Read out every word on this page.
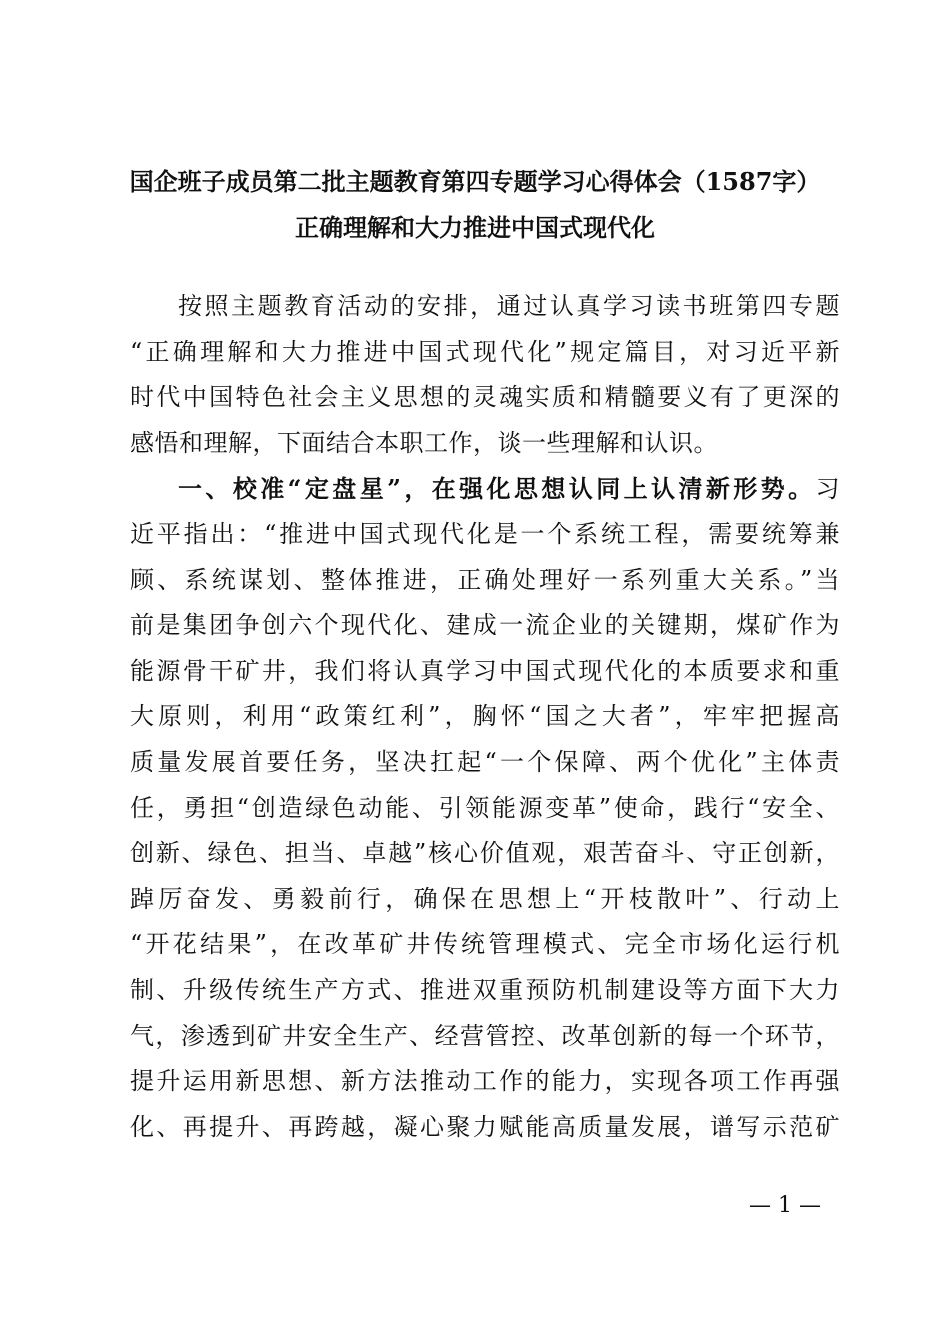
国企班子成员第二批主题教育第四专题学习心得体会（1587字）
正确理解和大力推进中国式现代化
按照主题教育活动的安排，通过认真学习读书班第四专题
“正确理解和大力推进中国式现代化”规定篇目，对习近平新
时代中国特色社会主义思想的灵魂实质和精髓要义有了更深的
感悟和理解，下面结合本职工作，谈一些理解和认识。
一、校准“定盘星”，在强化思想认同上认清新形势。习
近平指出：“推进中国式现代化是一个系统工程，需要统筹兼
顾、系统谋划、整体推进，正确处理好一系列重大关系。”当
前是集团争创六个现代化、建成一流企业的关键期，煤矿作为
能源骨干矿井，我们将认真学习中国式现代化的本质要求和重
大原则，利用“政策红利”，胸怀“国之大者”，牢牢把握高
质量发展首要任务，坚决扛起“一个保障、两个优化”主体责
任，勇担“创造绿色动能、引领能源变革”使命，践行“安全、
创新、绿色、担当、卓越”核心价值观，艰苦奋斗、守正创新，
踔厉奋发、勇毅前行，确保在思想上“开枝散叶”、行动上
“开花结果”，在改革矿井传统管理模式、完全市场化运行机
制、升级传统生产方式、推进双重预防机制建设等方面下大力
气，渗透到矿井安全生产、经营管控、改革创新的每一个环节，
提升运用新思想、新方法推动工作的能力，实现各项工作再强
化、再提升、再跨越，凝心聚力赋能高质量发展，谱写示范矿
— 1 —
